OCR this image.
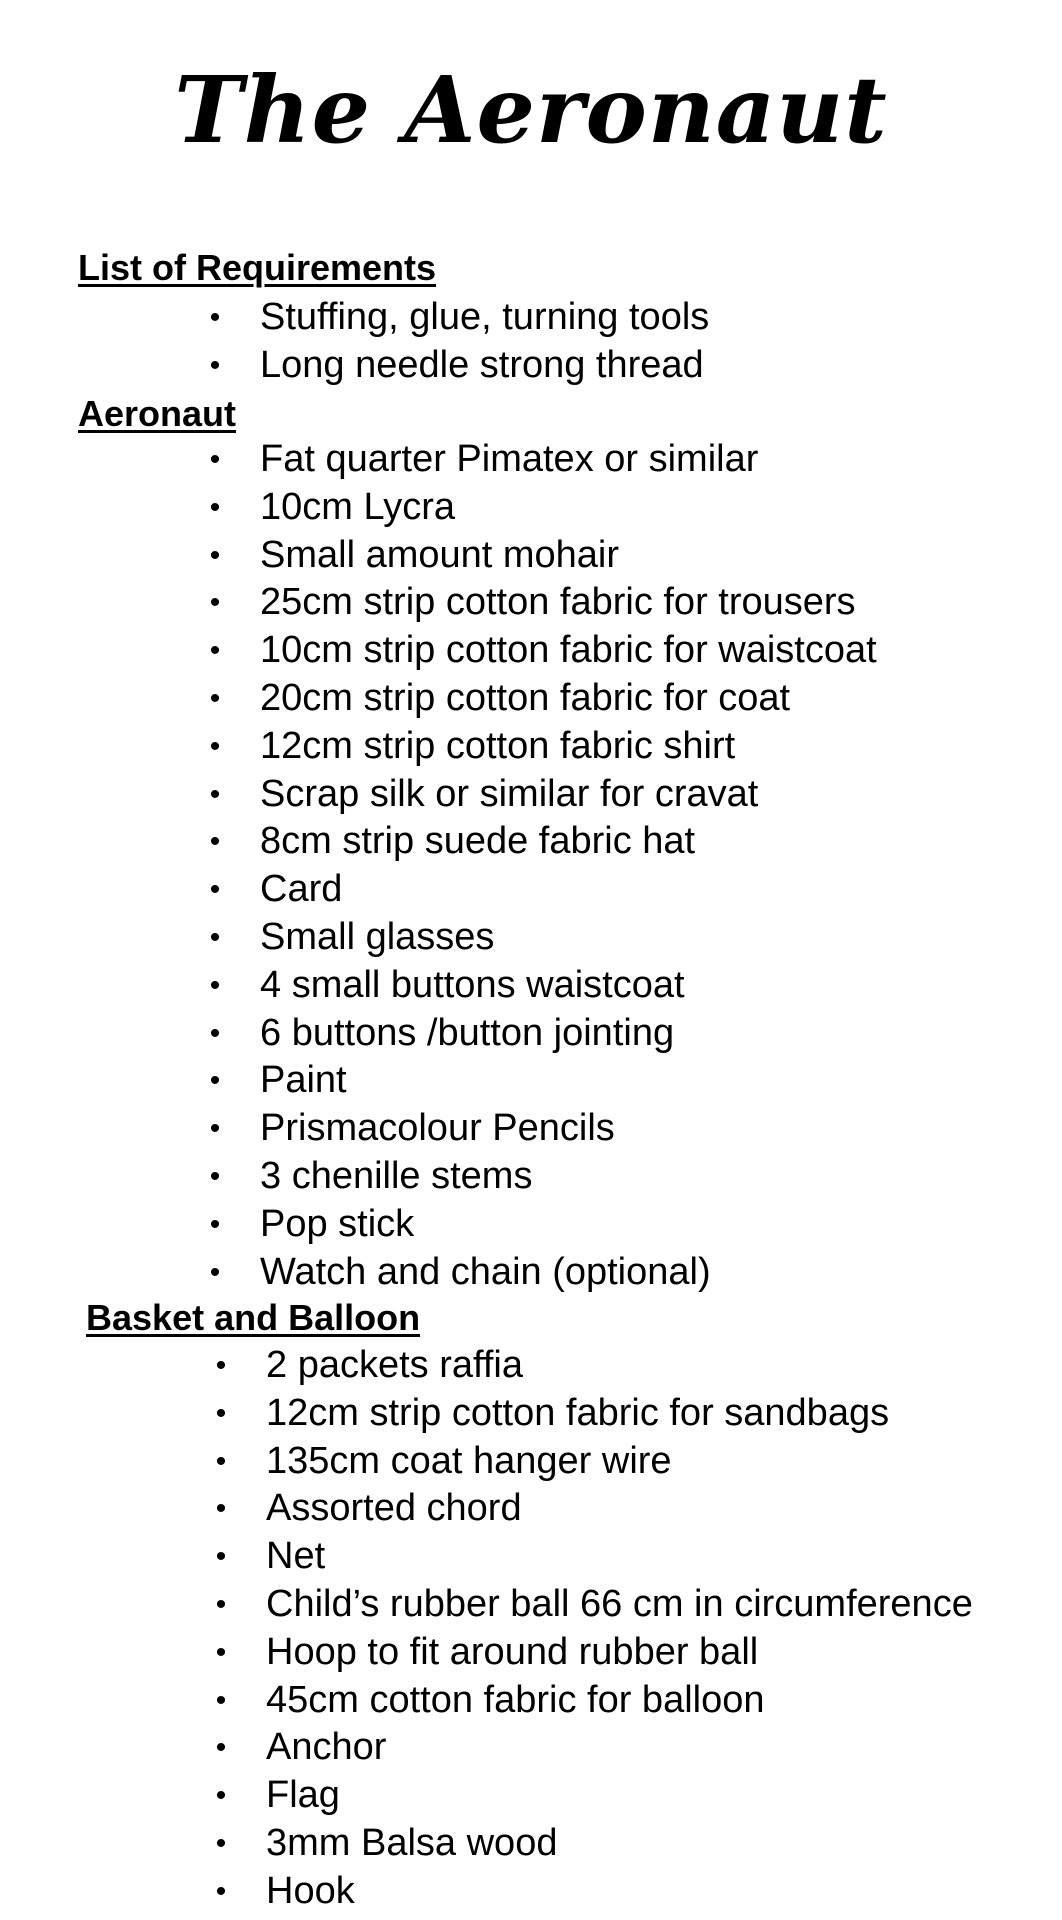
The Aeronaut
List of Requirements
• Stuffing, glue, turning tools
• Long needle strong thread
Aeronaut
• Fat quarter Pimatex or similar
• 10cm Lycra
• Small amount mohair
• 25cm strip cotton fabric for trousers
• 10cm strip cotton fabric for waistcoat
• 20cm strip cotton fabric for coat
• 12cm strip cotton fabric shirt
• Scrap silk or similar for cravat
• 8cm strip suede fabric hat
• Card
• Small glasses
• 4 small buttons waistcoat
• 6 buttons /button jointing
• Paint
• Prismacolour Pencils
• 3 chenille stems
• Pop stick
• Watch and chain (optional)
Basket and Balloon
• 2 packets raffia
• 12cm strip cotton fabric for sandbags
• 135cm coat hanger wire
• Assorted chord
• Net
• Child’s rubber ball 66 cm in circumference
• Hoop to fit around rubber ball
• 45cm cotton fabric for balloon
• Anchor
• Flag
• 3mm Balsa wood
• Hook
